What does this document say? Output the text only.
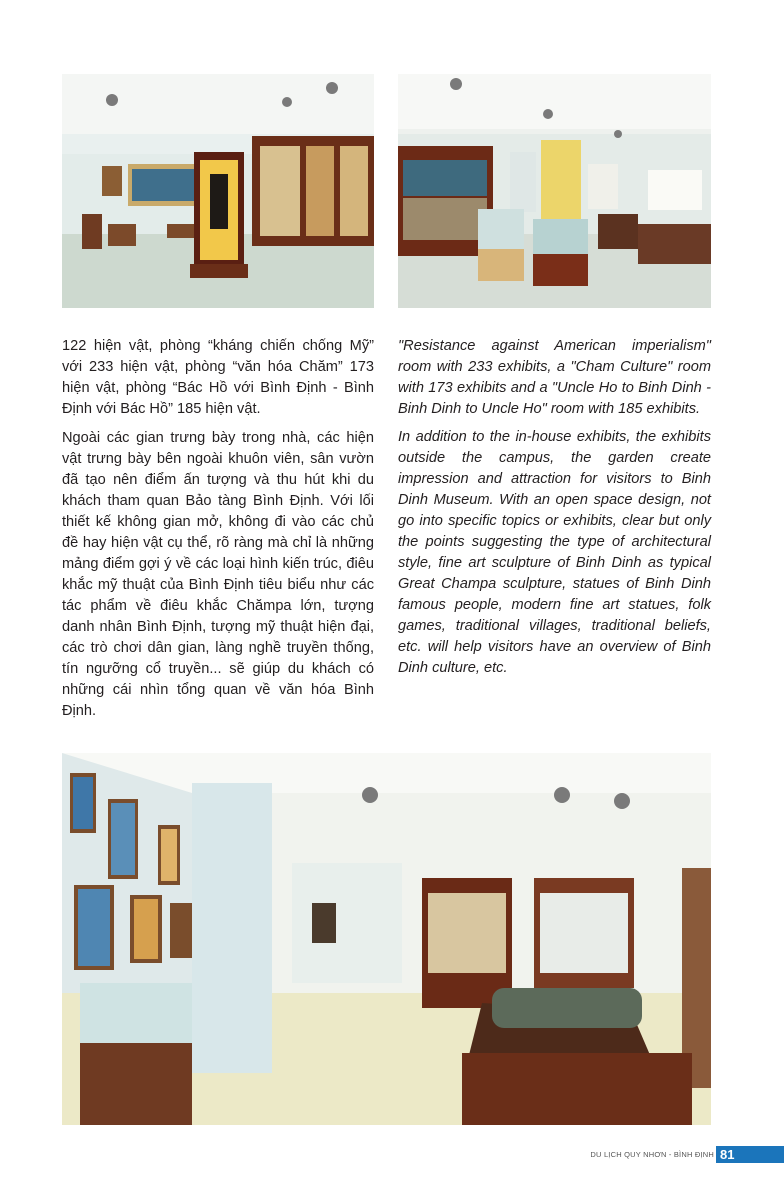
122 hiện vật, phòng “kháng chiến chống Mỹ” với 233 hiện vật, phòng “văn hóa Chăm” 173 hiện vật, phòng “Bác Hồ với Bình Định - Bình Định với Bác Hồ” 185 hiện vật.

Ngoài các gian trưng bày trong nhà, các hiện vật trưng bày bên ngoài khuôn viên, sân vườn đã tạo nên điểm ấn tượng và thu hút khi du khách tham quan Bảo tàng Bình Định. Với lối thiết kế không gian mở, không đi vào các chủ đề hay hiện vật cụ thể, rõ ràng mà chỉ là những mảng điểm gợi ý về các loại hình kiến trúc, điêu khắc mỹ thuật của Bình Định tiêu biểu như các tác phẩm về điêu khắc Chămpa lớn, tượng danh nhân Bình Định, tượng mỹ thuật hiện đại, các trò chơi dân gian, làng nghề truyền thống, tín ngưỡng cổ truyền... sẽ giúp du khách có những cái nhìn tổng quan về văn hóa Bình Định.

"Resistance against American imperialism" room with 233 exhibits, a "Cham Culture" room with 173 exhibits and a "Uncle Ho to Binh Dinh - Binh Dinh to Uncle Ho" room with 185 exhibits.

In addition to the in-house exhibits, the exhibits outside the campus, the garden create impression and attraction for visitors to Binh Dinh Museum. With an open space design, not go into specific topics or exhibits, clear but only the points suggesting the type of architectural style, fine art sculpture of Binh Dinh as typical Great Champa sculpture, statues of Binh Dinh famous people, modern fine art statues, folk games, traditional villages, traditional beliefs, etc. will help visitors have an overview of Binh Dinh culture, etc.

DU LỊCH QUY NHƠN - BÌNH ĐỊNH 81
